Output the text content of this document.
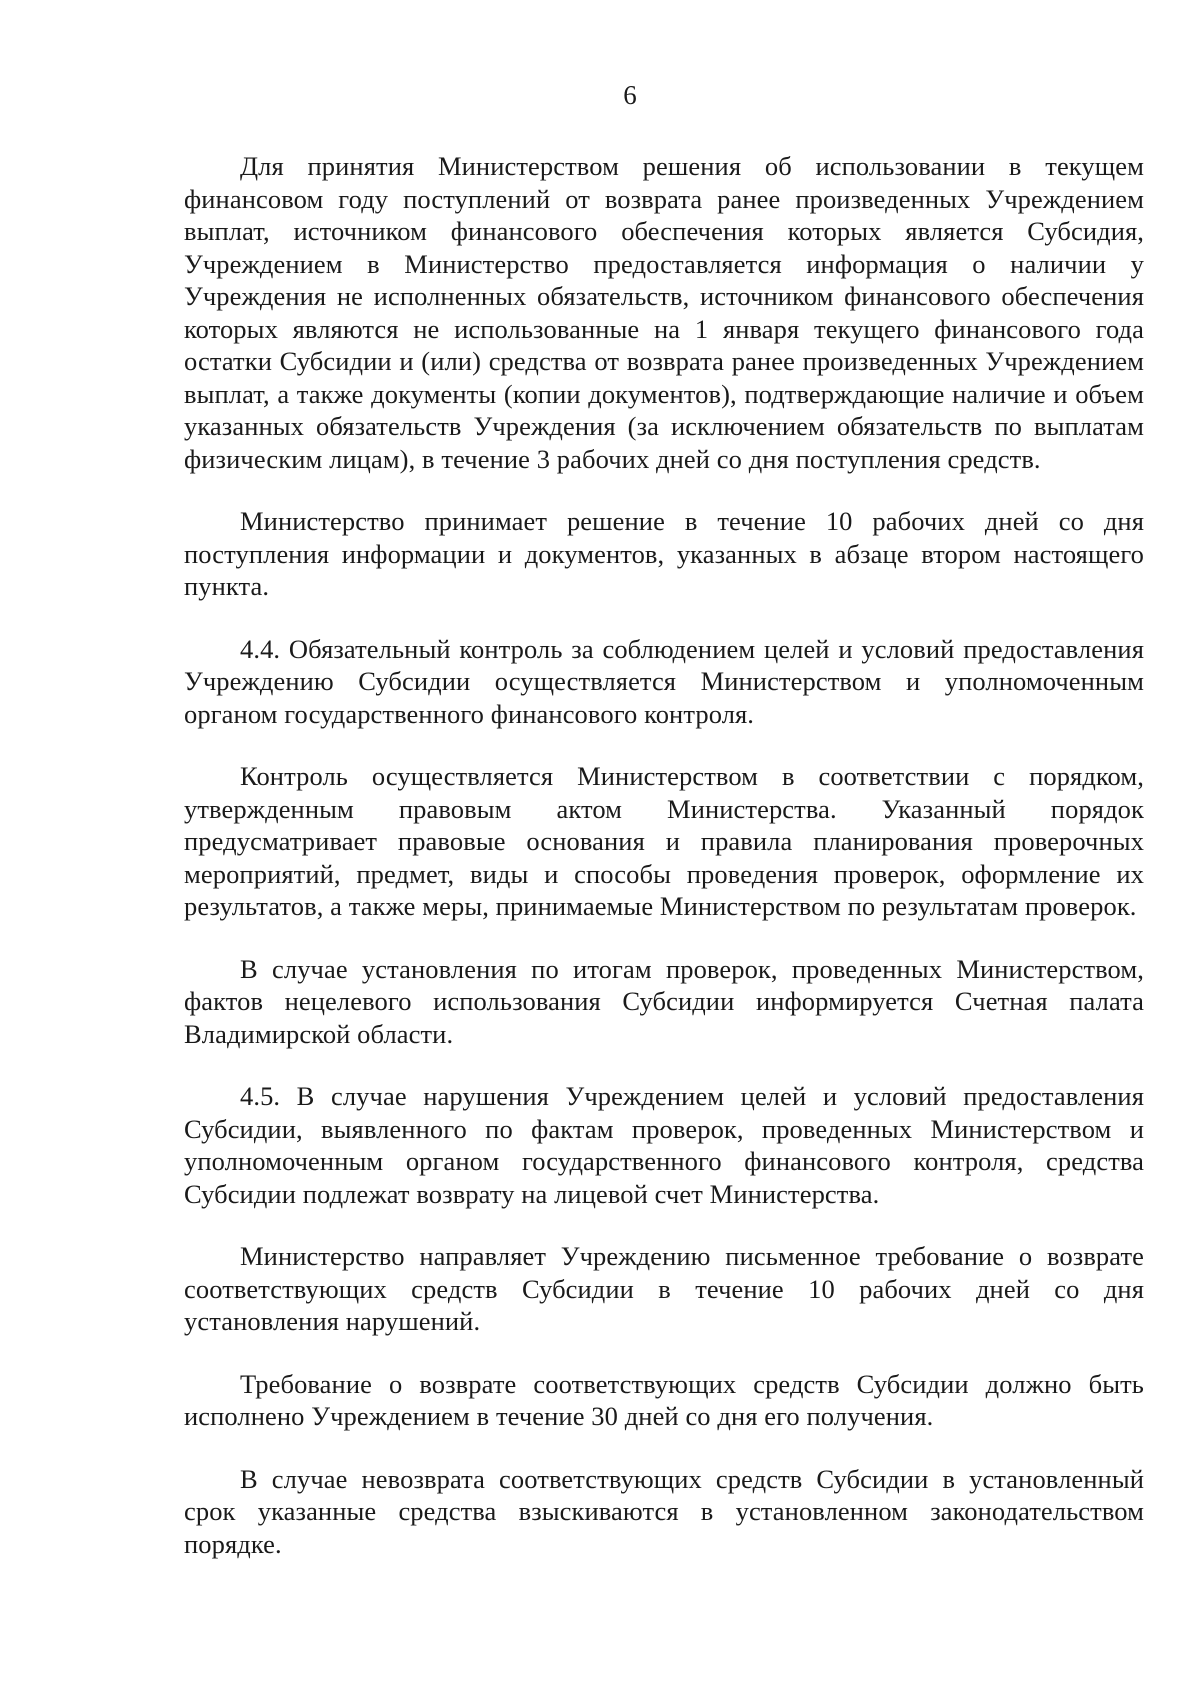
6

Для принятия Министерством решения об использовании в текущем финансовом году поступлений от возврата ранее произведенных Учреждением выплат, источником финансового обеспечения которых является Субсидия, Учреждением в Министерство предоставляется информация о наличии у Учреждения не исполненных обязательств, источником финансового обеспечения которых являются не использованные на 1 января текущего финансового года остатки Субсидии и (или) средства от возврата ранее произведенных Учреждением выплат, а также документы (копии документов), подтверждающие наличие и объем указанных обязательств Учреждения (за исключением обязательств по выплатам физическим лицам), в течение 3 рабочих дней со дня поступления средств.

Министерство принимает решение в течение 10 рабочих дней со дня поступления информации и документов, указанных в абзаце втором настоящего пункта.

4.4. Обязательный контроль за соблюдением целей и условий предоставления Учреждению Субсидии осуществляется Министерством и уполномоченным органом государственного финансового контроля.

Контроль осуществляется Министерством в соответствии с порядком, утвержденным правовым актом Министерства. Указанный порядок предусматривает правовые основания и правила планирования проверочных мероприятий, предмет, виды и способы проведения проверок, оформление их результатов, а также меры, принимаемые Министерством по результатам проверок.

В случае установления по итогам проверок, проведенных Министерством, фактов нецелевого использования Субсидии информируется Счетная палата Владимирской области.

4.5. В случае нарушения Учреждением целей и условий предоставления Субсидии, выявленного по фактам проверок, проведенных Министерством и уполномоченным органом государственного финансового контроля, средства Субсидии подлежат возврату на лицевой счет Министерства.

Министерство направляет Учреждению письменное требование о возврате соответствующих средств Субсидии в течение 10 рабочих дней со дня установления нарушений.

Требование о возврате соответствующих средств Субсидии должно быть исполнено Учреждением в течение 30 дней со дня его получения.

В случае невозврата соответствующих средств Субсидии в установленный срок указанные средства взыскиваются в установленном законодательством порядке.
